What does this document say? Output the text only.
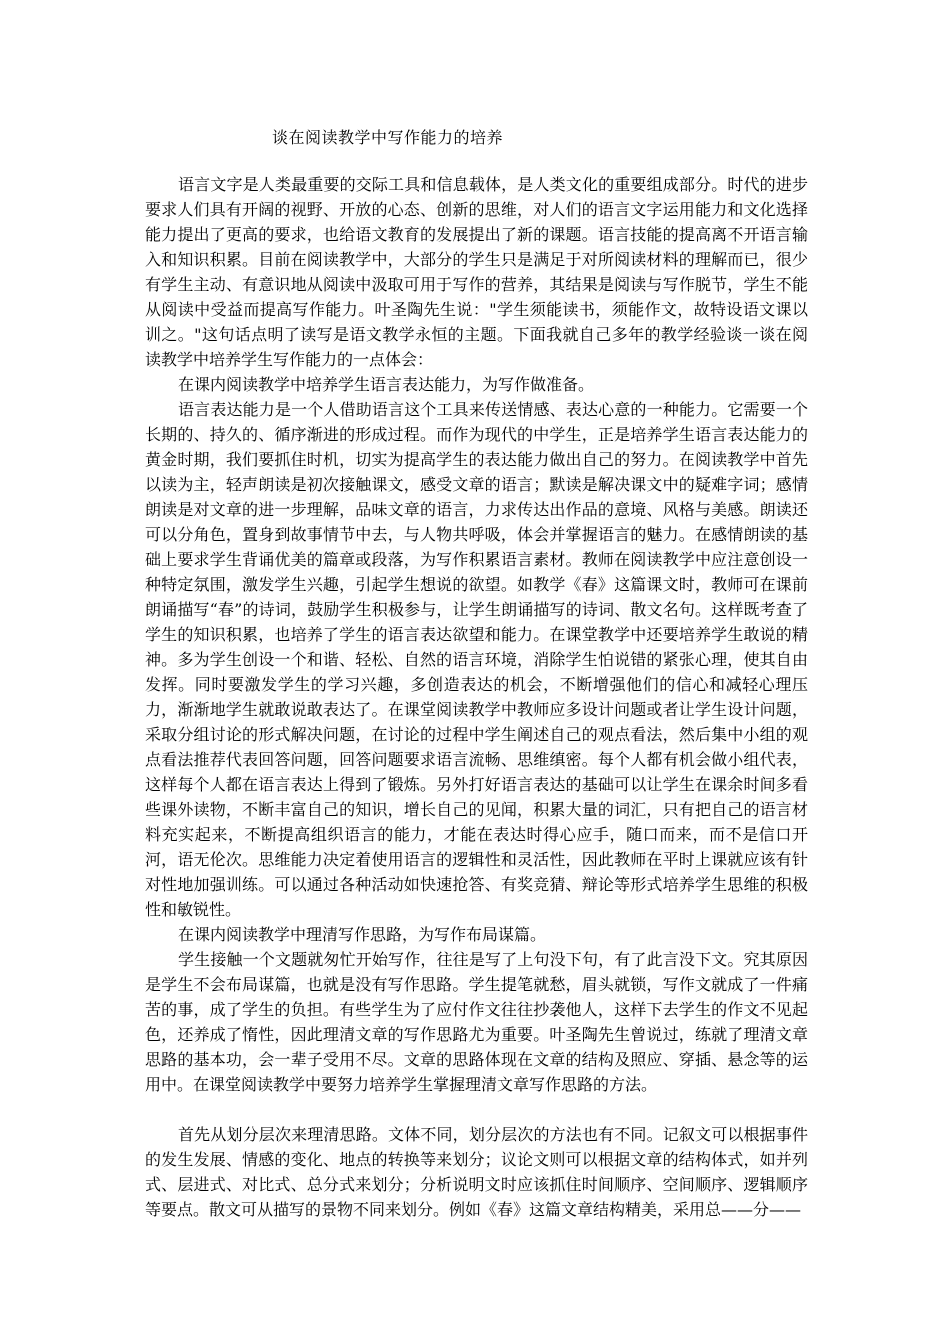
谈在阅读教学中写作能力的培养

语言文字是人类最重要的交际工具和信息载体，是人类文化的重要组成部分。时代的进步要求人们具有开阔的视野、开放的心态、创新的思维，对人们的语言文字运用能力和文化选择能力提出了更高的要求，也给语文教育的发展提出了新的课题。语言技能的提高离不开语言输入和知识积累。目前在阅读教学中，大部分的学生只是满足于对所阅读材料的理解而已，很少有学生主动、有意识地从阅读中汲取可用于写作的营养，其结果是阅读与写作脱节，学生不能从阅读中受益而提高写作能力。叶圣陶先生说："学生须能读书，须能作文，故特设语文课以训之。"这句话点明了读写是语文教学永恒的主题。下面我就自己多年的教学经验谈一谈在阅读教学中培养学生写作能力的一点体会：

在课内阅读教学中培养学生语言表达能力，为写作做准备。

语言表达能力是一个人借助语言这个工具来传送情感、表达心意的一种能力。它需要一个长期的、持久的、循序渐进的形成过程。而作为现代的中学生，正是培养学生语言表达能力的黄金时期，我们要抓住时机，切实为提高学生的表达能力做出自己的努力。在阅读教学中首先以读为主，轻声朗读是初次接触课文，感受文章的语言；默读是解决课文中的疑难字词；感情朗读是对文章的进一步理解，品味文章的语言，力求传达出作品的意境、风格与美感。朗读还可以分角色，置身到故事情节中去，与人物共呼吸，体会并掌握语言的魅力。在感情朗读的基础上要求学生背诵优美的篇章或段落，为写作积累语言素材。教师在阅读教学中应注意创设一种特定氛围，激发学生兴趣，引起学生想说的欲望。如教学《春》这篇课文时，教师可在课前朗诵描写“春”的诗词，鼓励学生积极参与，让学生朗诵描写的诗词、散文名句。这样既考查了学生的知识积累，也培养了学生的语言表达欲望和能力。在课堂教学中还要培养学生敢说的精神。多为学生创设一个和谐、轻松、自然的语言环境，消除学生怕说错的紧张心理，使其自由发挥。同时要激发学生的学习兴趣，多创造表达的机会，不断增强他们的信心和减轻心理压力，渐渐地学生就敢说敢表达了。在课堂阅读教学中教师应多设计问题或者让学生设计问题，采取分组讨论的形式解决问题，在讨论的过程中学生阐述自己的观点看法，然后集中小组的观点看法推荐代表回答问题，回答问题要求语言流畅、思维缜密。每个人都有机会做小组代表，这样每个人都在语言表达上得到了锻炼。另外打好语言表达的基础可以让学生在课余时间多看些课外读物，不断丰富自己的知识，增长自己的见闻，积累大量的词汇，只有把自己的语言材料充实起来，不断提高组织语言的能力，才能在表达时得心应手，随口而来，而不是信口开河，语无伦次。思维能力决定着使用语言的逻辑性和灵活性，因此教师在平时上课就应该有针对性地加强训练。可以通过各种活动如快速抢答、有奖竞猜、辩论等形式培养学生思维的积极性和敏锐性。

在课内阅读教学中理清写作思路，为写作布局谋篇。

学生接触一个文题就匆忙开始写作，往往是写了上句没下句，有了此言没下文。究其原因是学生不会布局谋篇，也就是没有写作思路。学生提笔就愁，眉头就锁，写作文就成了一件痛苦的事，成了学生的负担。有些学生为了应付作文往往抄袭他人，这样下去学生的作文不见起色，还养成了惰性，因此理清文章的写作思路尤为重要。叶圣陶先生曾说过，练就了理清文章思路的基本功，会一辈子受用不尽。文章的思路体现在文章的结构及照应、穿插、悬念等的运用中。在课堂阅读教学中要努力培养学生掌握理清文章写作思路的方法。

首先从划分层次来理清思路。文体不同，划分层次的方法也有不同。记叙文可以根据事件的发生发展、情感的变化、地点的转换等来划分；议论文则可以根据文章的结构体式，如并列式、层进式、对比式、总分式来划分；分析说明文时应该抓住时间顺序、空间顺序、逻辑顺序等要点。散文可从描写的景物不同来划分。例如《春》这篇文章结构精美，采用总——分——
